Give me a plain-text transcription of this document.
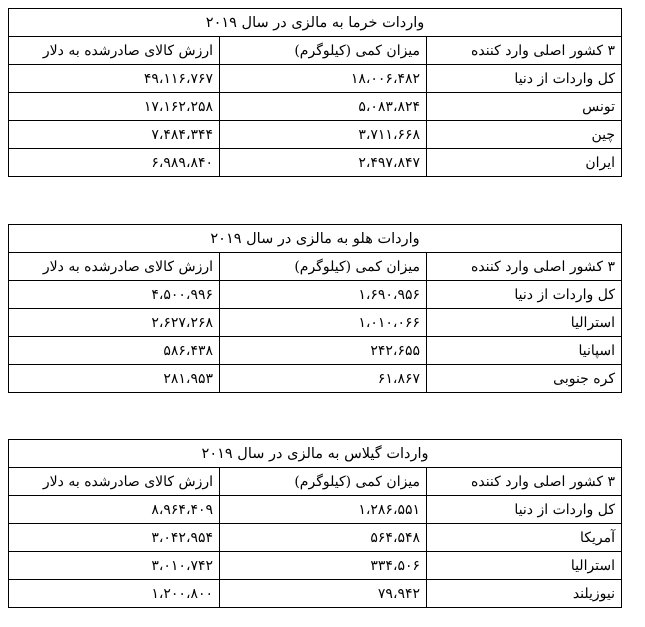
واردات خرما به مالزی در سال ۲۰۱۹		
۳ کشور اصلی وارد کننده	میزان کمی (کیلوگرم)	ارزش کالای صادرشده به دلار
کل واردات از دنیا	۱۸،۰۰۶،۴۸۲	۴۹،۱۱۶،۷۶۷
تونس	۵،۰۸۳،۸۲۴	۱۷،۱۶۲،۲۵۸
چین	۳،۷۱۱،۶۶۸	۷،۴۸۴،۳۴۴
ایران	۲،۴۹۷،۸۴۷	۶،۹۸۹،۸۴۰
واردات هلو به مالزی در سال ۲۰۱۹		
۳ کشور اصلی وارد کننده	میزان کمی (کیلوگرم)	ارزش کالای صادرشده به دلار
کل واردات از دنیا	۱،۶۹۰،۹۵۶	۴،۵۰۰،۹۹۶
استرالیا	۱،۰۱۰،۰۶۶	۲،۶۲۷،۲۶۸
اسپانیا	۲۴۲،۶۵۵	۵۸۶،۴۳۸
کره جنوبی	۶۱،۸۶۷	۲۸۱،۹۵۳
واردات گیلاس به مالزی در سال ۲۰۱۹		
۳ کشور اصلی وارد کننده	میزان کمی (کیلوگرم)	ارزش کالای صادرشده به دلار
کل واردات از دنیا	۱،۲۸۶،۵۵۱	۸،۹۶۴،۴۰۹
آمریکا	۵۶۴،۵۴۸	۳،۰۴۲،۹۵۴
استرالیا	۳۳۴،۵۰۶	۳،۰۱۰،۷۴۲
نیوزیلند	۷۹،۹۴۲	۱،۲۰۰،۸۰۰
